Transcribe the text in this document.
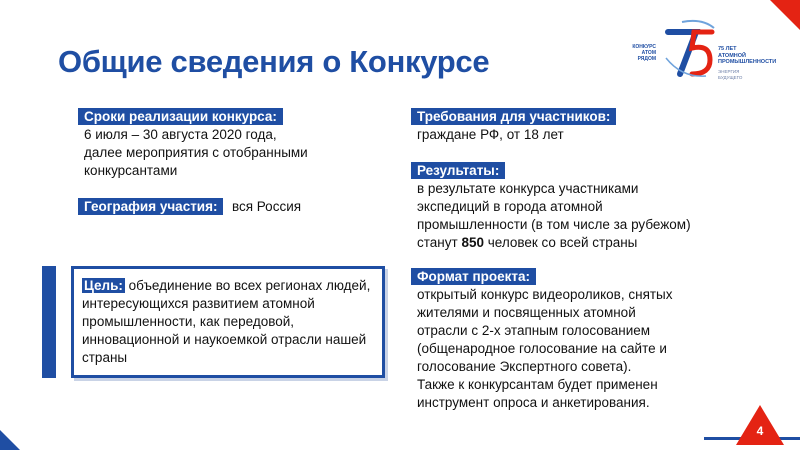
Общие сведения о Конкурсе	КОНКУРС
АТОМ
РЯДОМ
75
75 ЛЕТ
АТОМНОЙ
ПРОМЫШЛЕННОСТИ
ЭНЕРГИЯ
БУДУЩЕГО
Сроки реализации конкурса:
6 июля – 30 августа 2020 года,
далее мероприятия с отобранными
конкурсантами
География участия: вся Россия
Цель: объединение во всех регионах людей, интересующихся развитием атомной промышленности, как передовой, инновационной и наукоемкой отрасли нашей страны
Требования для участников:
граждане РФ, от 18 лет
Результаты:
в результате конкурса участниками
экспедиций в города атомной
промышленности (в том числе за рубежом)
станут 850 человек со всей страны
Формат проекта:
открытый конкурс видеороликов, снятых
жителями и посвященных атомной
отрасли с 2-х этапным голосованием
(общенародное голосование на сайте и
голосование Экспертного совета).
Также к конкурсантам будет применен
инструмент опроса и анкетирования.
4
